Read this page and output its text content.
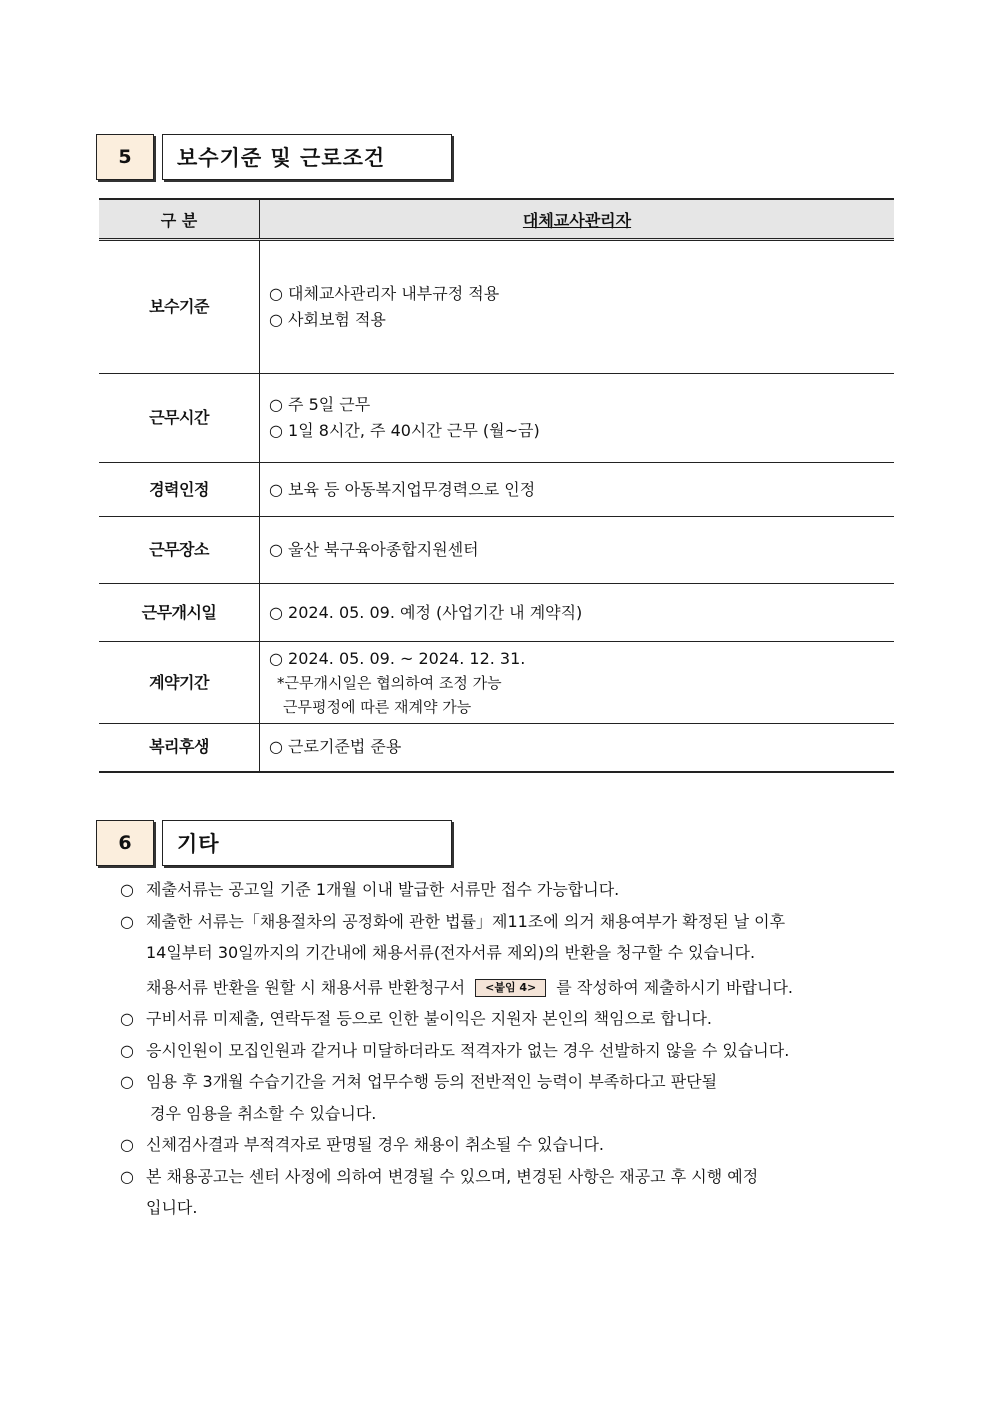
5	보수기준 및 근로조건
구 분	대체교사관리자
보수기준	○ 대체교사관리자 내부규정 적용
○ 사회보험 적용

근무시간	○ 주 5일 근무
○ 1일 8시간, 주 40시간 근무 (월~금)

경력인정	○ 보육 등 아동복지업무경력으로 인정

근무장소	○ 울산 북구육아종합지원센터

근무개시일	○ 2024. 05. 09. 예정 (사업기간 내 계약직)

계약기간	○ 2024. 05. 09. ~ 2024. 12. 31.
*근무개시일은 협의하여 조정 가능
근무평정에 따른 재계약 가능

복리후생	○ 근로기준법 준용
6	기타
○ 제출서류는 공고일 기준 1개월 이내 발급한 서류만 접수 가능합니다.
○ 제출한 서류는「채용절차의 공정화에 관한 법률」제11조에 의거 채용여부가 확정된 날 이후
14일부터 30일까지의 기간내에 채용서류(전자서류 제외)의 반환을 청구할 수 있습니다.
채용서류 반환을 원할 시 채용서류 반환청구서 <붙임 4> 를 작성하여 제출하시기 바랍니다.
○ 구비서류 미제출, 연락두절 등으로 인한 불이익은 지원자 본인의 책임으로 합니다.
○ 응시인원이 모집인원과 같거나 미달하더라도 적격자가 없는 경우 선발하지 않을 수 있습니다.
○ 임용 후 3개월 수습기간을 거쳐 업무수행 등의 전반적인 능력이 부족하다고 판단될
경우 임용을 취소할 수 있습니다.
○ 신체검사결과 부적격자로 판명될 경우 채용이 취소될 수 있습니다.
○ 본 채용공고는 센터 사정에 의하여 변경될 수 있으며, 변경된 사항은 재공고 후 시행 예정
입니다.
